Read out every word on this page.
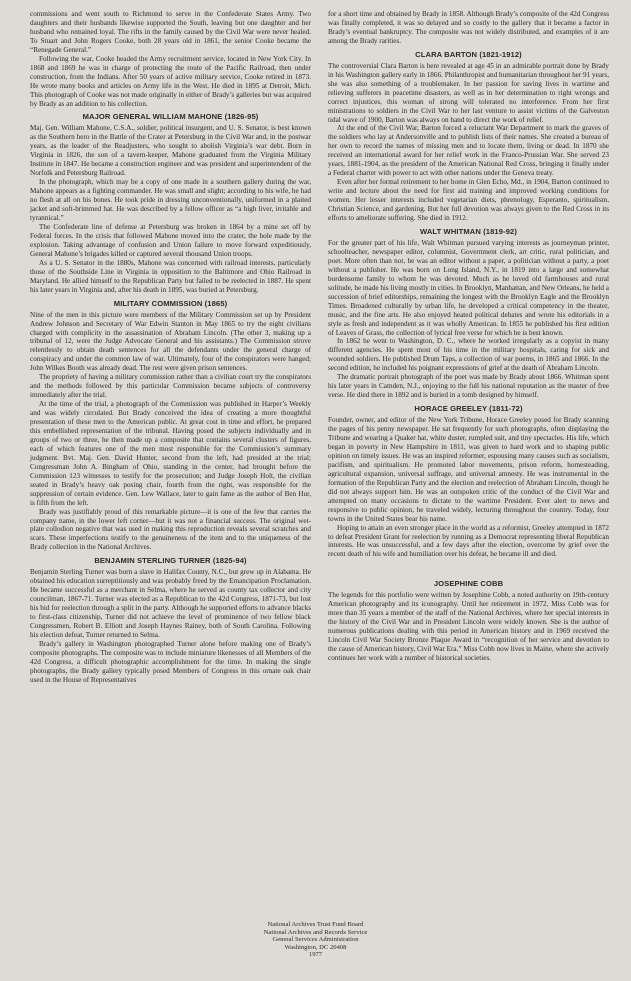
commissions and went south to Richmond to serve in the Confederate States Army. Two daughters and their husbands likewise supported the South, leaving but one daughter and her husband who remained loyal. The rifts in the family caused by the Civil War were never healed. To Stuart and John Rogers Cooke, both 28 years old in 1861, the senior Cooke became the “Renegade General.”

Following the war, Cooke headed the Army recruitment service, located in New York City. In 1868 and 1869 he was in charge of protecting the route of the Pacific Railroad, then under construction, from the Indians. After 50 years of active military service, Cooke retired in 1873. He wrote many books and articles on Army life in the West. He died in 1895 at Detroit, Mich. This photograph of Cooke was not made originally in either of Brady’s galleries but was acquired by Brady as an addition to his collection.

MAJOR GENERAL WILLIAM MAHONE (1826-95)

Maj. Gen. William Mahone, C.S.A., soldier, political insurgent, and U. S. Senator, is best known as the Southern hero in the Battle of the Crater at Petersburg in the Civil War and, in the postwar years, as the leader of the Readjusters, who sought to abolish Virginia’s war debt. Born in Virginia in 1826, the son of a tavern-keeper, Mahone graduated from the Virginia Military Institute in 1847. He became a construction engineer and was president and superintendent of the Norfolk and Petersburg Railroad.

In the photograph, which may be a copy of one made in a southern gallery during the war, Mahone appears as a fighting commander. He was small and slight; according to his wife, he had no flesh at all on his bones. He took pride in dressing unconventionally, uniformed in a plaited jacket and soft-brimmed hat. He was described by a fellow officer as “a high liver, irritable and tyrannical.”

The Confederate line of defense at Petersburg was broken in 1864 by a mine set off by Federal forces. In the crisis that followed Mahone moved into the crater, the hole made by the explosion. Taking advantage of confusion and Union failure to move forward expeditiously, General Mahone’s brigades killed or captured several thousand Union troops.

As a U. S. Senator in the 1880s, Mahone was concerned with railroad interests, particularly those of the Southside Line in Virginia in opposition to the Baltimore and Ohio Railroad in Maryland. He allied himself to the Republican Party but failed to be reelected in 1887. He spent his later years in Virginia and, after his death in 1895, was buried at Petersburg.

MILITARY COMMISSION (1865)

Nine of the men in this picture were members of the Military Commission set up by President Andrew Johnson and Secretary of War Edwin Stanton in May 1865 to try the eight civilians charged with complicity in the assassination of Abraham Lincoln. (The other 3, making up a tribunal of 12, were the Judge Advocate General and his assistants.) The Commission strove relentlessly to obtain death sentences for all the defendants under the general charge of conspiracy and under the common law of war. Ultimately, four of the conspirators were hanged; John Wilkes Booth was already dead. The rest were given prison sentences.

The propriety of having a military commission rather than a civilian court try the conspirators and the methods followed by this particular Commission became subjects of controversy immediately after the trial.

At the time of the trial, a photograph of the Commission was published in Harper’s Weekly and was widely circulated. But Brady conceived the idea of creating a more thoughtful presentation of these men to the American public. At great cost in time and effort, he prepared this embellished representation of the tribunal. Having posed the subjects individually and in groups of two or three, he then made up a composite that contains several clusters of figures, each of which features one of the men most responsible for the Commission’s summary judgment. Bvt. Maj. Gen. David Hunter, second from the left, had presided at the trial; Congressman John A. Bingham of Ohio, standing in the center, had brought before the Commission 123 witnesses to testify for the prosecution; and Judge Joseph Holt, the civilian seated in Brady’s heavy oak posing chair, fourth from the right, was responsible for the suppression of certain evidence. Gen. Lew Wallace, later to gain fame as the author of Ben Hur, is fifth from the left.

Brady was justifiably proud of this remarkable picture—it is one of the few that carries the company name, in the lower left corner—but it was not a financial success. The original wet-plate collodion negative that was used in making this reproduction reveals several scratches and scars. These imperfections testify to the genuineness of the item and to the uniqueness of the Brady collection in the National Archives.

BENJAMIN STERLING TURNER (1825-94)

Benjamin Sterling Turner was born a slave in Halifax County, N.C., but grew up in Alabama. He obtained his education surreptitiously and was probably freed by the Emancipation Proclamation. He became successful as a merchant in Selma, where he served as county tax collector and city councilman, 1867-71. Turner was elected as a Republican to the 42d Congress, 1871-73, but lost his bid for reelection through a split in the party. Although he supported efforts to advance blacks to first-class citizenship, Turner did not achieve the level of prominence of two fellow black Congressmen, Robert B. Elliott and Joseph Haynes Rainey, both of South Carolina. Following his election defeat, Turner returned to Selma.

Brady’s gallery in Washington photographed Turner alone before making one of Brady’s composite photographs. The composite was to include miniature likenesses of all Members of the 42d Congress, a difficult photographic accomplishment for the time. In making the single photographs, the Brady gallery typically posed Members of Congress in this ornate oak chair used in the House of Representatives

for a short time and obtained by Brady in 1858. Although Brady’s composite of the 42d Congress was finally completed, it was so delayed and so costly to the gallery that it became a factor in Brady’s eventual bankruptcy. The composite was not widely distributed, and examples of it are among the Brady rarities.

CLARA BARTON (1821-1912)

The controversial Clara Barton is here revealed at age 45 in an admirable portrait done by Brady in his Washington gallery early in 1866. Philanthropist and humanitarian throughout her 91 years, she was also something of a troublemaker. In her passion for saving lives in wartime and relieving sufferers in peacetime disasters, as well as in her determination to right wrongs and correct injustices, this woman of strong will tolerated no interference. From her first ministrations to soldiers in the Civil War to her last venture to assist victims of the Galveston tidal wave of 1900, Barton was always on hand to direct the work of relief.

At the end of the Civil War, Barton forced a reluctant War Department to mark the graves of the soldiers who lay at Andersonville and to publish lists of their names. She created a bureau of her own to record the names of missing men and to locate them, living or dead. In 1870 she received an international award for her relief work in the Franco-Prussian War. She served 23 years, 1881-1904, as the president of the American National Red Cross, bringing it finally under a Federal charter with power to act with other nations under the Geneva treaty.

Even after her formal retirement to her home in Glen Echo, Md., in 1904, Barton continued to write and lecture about the need for first aid training and improved working conditions for women. Her lesser interests included vegetarian diets, phrenology, Esperanto, spiritualism, Christian Science, and gardening. But her full devotion was always given to the Red Cross in its efforts to ameliorate suffering. She died in 1912.

WALT WHITMAN (1819-92)

For the greater part of his life, Walt Whitman pursued varying interests as journeyman printer, schoolteacher, newspaper editor, columnist, Government clerk, art critic, rural politician, and poet. More often than not, he was an editor without a paper, a politician without a party, a poet without a publisher. He was born on Long Island, N.Y., in 1819 into a large and somewhat burdensome family to whom he was devoted. Much as he loved old farmhouses and rural solitude, he made his living mostly in cities. In Brooklyn, Manhattan, and New Orleans, he held a succession of brief editorships, remaining the longest with the Brooklyn Eagle and the Brooklyn Times. Broadened culturally by urban life, he developed a critical competency in the theater, music, and the fine arts. He also enjoyed heated political debates and wrote his editorials in a style as fresh and independent as it was wholly American. In 1855 he published his first edition of Leaves of Grass, the collection of lyrical free verse for which he is best known.

In 1862 he went to Washington, D. C., where he worked irregularly as a copyist in many different agencies. He spent most of his time in the military hospitals, caring for sick and wounded soldiers. He published Drum Taps, a collection of war poems, in 1865 and 1866. In the second edition, he included his poignant expressions of grief at the death of Abraham Lincoln.

The dramatic portrait photograph of the poet was made by Brady about 1866. Whitman spent his later years in Camden, N.J., enjoying to the full his national reputation as the master of free verse. He died there in 1892 and is buried in a tomb designed by himself.

HORACE GREELEY (1811-72)

Founder, owner, and editor of the New York Tribune, Horace Greeley posed for Brady scanning the pages of his penny newspaper. He sat frequently for such photographs, often displaying the Tribune and wearing a Quaker hat, white duster, rumpled suit, and tiny spectacles. His life, which began in poverty in New Hampshire in 1811, was given to hard work and to shaping public opinion on timely issues. He was an inspired reformer, espousing many causes such as socialism, pacifism, and spiritualism. He promoted labor movements, prison reform, homesteading, agricultural expansion, universal suffrage, and universal amnesty. He was instrumental in the formation of the Republican Party and the election and reelection of Abraham Lincoln, though he did not always support him. He was an outspoken critic of the conduct of the Civil War and attempted on many occasions to dictate to the wartime President. Ever alert to news and responsive to public opinion, he traveled widely, lecturing throughout the country. Today, four towns in the United States bear his name.

Hoping to attain an even stronger place in the world as a reformist, Greeley attempted in 1872 to defeat President Grant for reelection by running as a Democrat representing liberal Republican interests. He was unsuccessful, and a few days after the election, overcome by grief over the recent death of his wife and humiliation over his defeat, he became ill and died.

JOSEPHINE COBB

The legends for this portfolio were written by Josephine Cobb, a noted authority on 19th-century American photography and its iconography. Until her retirement in 1972, Miss Cobb was for more than 35 years a member of the staff of the National Archives, where her special interests in the history of the Civil War and in President Lincoln were widely known. She is the author of numerous publications dealing with this period in American history and in 1969 received the Lincoln Civil War Society Bronze Plaque Award in “recognition of her service and devotion to the cause of American history, Civil War Era.” Miss Cobb now lives in Maine, where she actively continues her work with a number of historical societies.

National Archives Trust Fund Board
National Archives and Records Service
General Services Administration
Washington, DC 20408
1977
